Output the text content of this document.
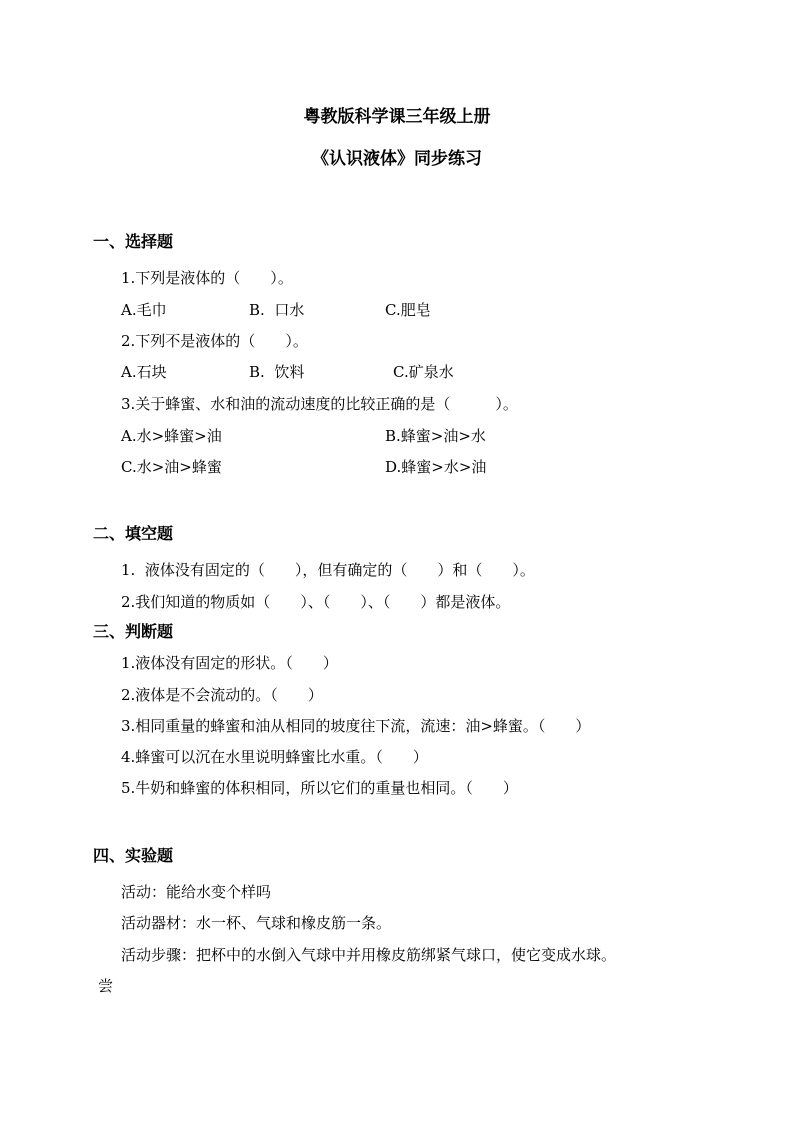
粤教版科学课三年级上册
《认识液体》同步练习
一、选择题
1.下列是液体的（　　）。
A.毛巾	B.  口水	C.肥皂
2.下列不是液体的（　　）。
A.石块	B.  饮料	C.矿泉水
3.关于蜂蜜、水和油的流动速度的比较正确的是（　　　）。
A.水>蜂蜜>油	B.蜂蜜>油>水
C.水>油>蜂蜜	D.蜂蜜>水>油
二、填空题
1.  液体没有固定的（　　），但有确定的（　　）和（　　）。
2.我们知道的物质如（　　）、（　　）、（　　）都是液体。
三、判断题
1.液体没有固定的形状。（　　）
2.液体是不会流动的。（　　）
3.相同重量的蜂蜜和油从相同的坡度往下流，流速：油>蜂蜜。（　　）
4.蜂蜜可以沉在水里说明蜂蜜比水重。（　　）
5.牛奶和蜂蜜的体积相同，所以它们的重量也相同。（　　）
四、实验题
活动：能给水变个样吗
活动器材：水一杯、气球和橡皮筋一条。
活动步骤：把杯中的水倒入气球中并用橡皮筋绑紧气球口，使它变成水球。
尝
